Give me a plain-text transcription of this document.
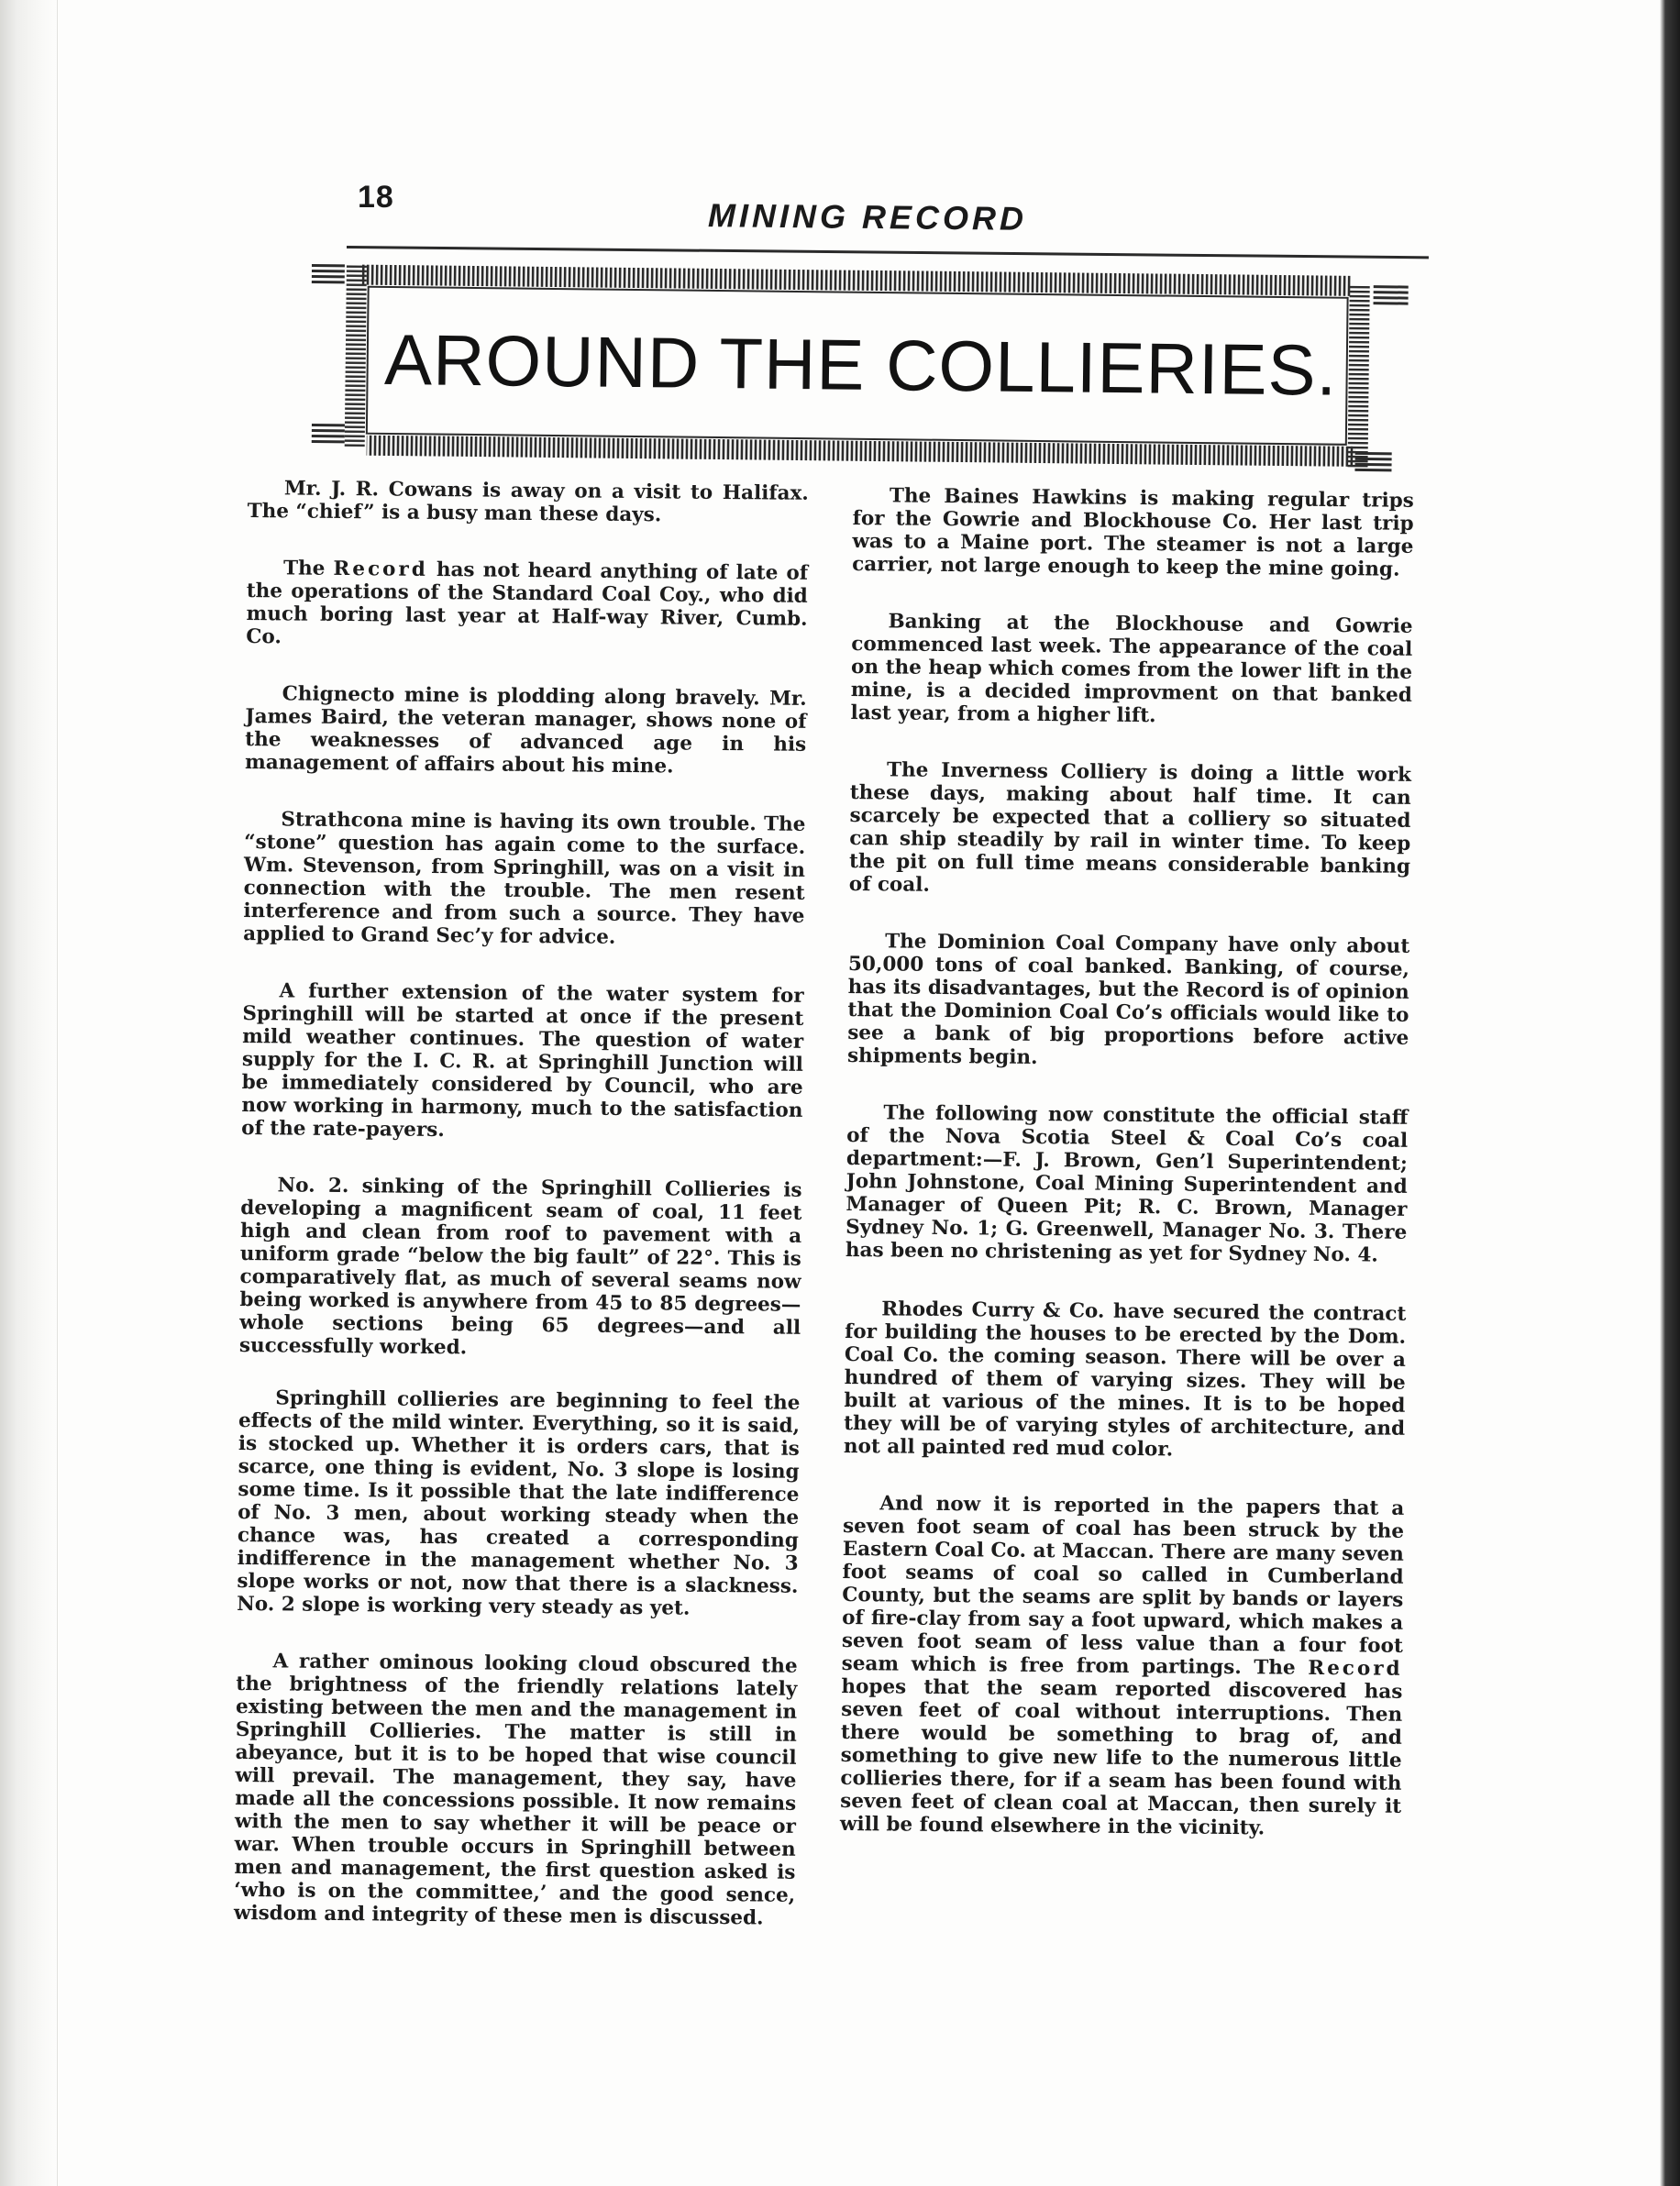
18	MINING RECORD
AROUND THE COLLIERIES.

Mr. J. R. Cowans is away on a visit to Halifax. The “chief” is a busy man these days.

The Record has not heard anything of late of the operations of the Standard Coal Coy., who did much boring last year at Half-way River, Cumb. Co.

Chignecto mine is plodding along bravely. Mr. James Baird, the veteran manager, shows none of the weaknesses of advanced age in his management of affairs about his mine.

Strathcona mine is having its own trouble. The “stone” question has again come to the surface. Wm. Stevenson, from Springhill, was on a visit in connection with the trouble. The men resent interference and from such a source. They have applied to Grand Sec’y for advice.

A further extension of the water system for Springhill will be started at once if the present mild weather continues. The question of water supply for the I. C. R. at Springhill Junction will be immediately considered by Council, who are now working in harmony, much to the satisfaction of the rate-payers.

No. 2. sinking of the Springhill Collieries is developing a magnificent seam of coal, 11 feet high and clean from roof to pavement with a uniform grade “below the big fault” of 22°. This is comparatively flat, as much of several seams now being worked is anywhere from 45 to 85 degrees—whole sections being 65 degrees—and all successfully worked.

Springhill collieries are beginning to feel the effects of the mild winter. Everything, so it is said, is stocked up. Whether it is orders cars, that is scarce, one thing is evident, No. 3 slope is losing some time. Is it possible that the late indifference of No. 3 men, about working steady when the chance was, has created a corresponding indifference in the management whether No. 3 slope works or not, now that there is a slackness. No. 2 slope is working very steady as yet.

A rather ominous looking cloud obscured the the brightness of the friendly relations lately existing between the men and the management in Springhill Collieries. The matter is still in abeyance, but it is to be hoped that wise council will prevail. The management, they say, have made all the concessions possible. It now remains with the men to say whether it will be peace or war. When trouble occurs in Springhill between men and management, the first question asked is ‘who is on the committee,’ and the good sence, wisdom and integrity of these men is discussed.

The Baines Hawkins is making regular trips for the Gowrie and Blockhouse Co. Her last trip was to a Maine port. The steamer is not a large carrier, not large enough to keep the mine going.

Banking at the Blockhouse and Gowrie commenced last week. The appearance of the coal on the heap which comes from the lower lift in the mine, is a decided improvment on that banked last year, from a higher lift.

The Inverness Colliery is doing a little work these days, making about half time. It can scarcely be expected that a colliery so situated can ship steadily by rail in winter time. To keep the pit on full time means considerable banking of coal.

The Dominion Coal Company have only about 50,000 tons of coal banked. Banking, of course, has its disadvantages, but the Record is of opinion that the Dominion Coal Co’s officials would like to see a bank of big proportions before active shipments begin.

The following now constitute the official staff of the Nova Scotia Steel & Coal Co’s coal department:—F. J. Brown, Gen’l Superintendent; John Johnstone, Coal Mining Superintendent and Manager of Queen Pit; R. C. Brown, Manager Sydney No. 1; G. Greenwell, Manager No. 3. There has been no christening as yet for Sydney No. 4.

Rhodes Curry & Co. have secured the contract for building the houses to be erected by the Dom. Coal Co. the coming season. There will be over a hundred of them of varying sizes. They will be built at various of the mines. It is to be hoped they will be of varying styles of architecture, and not all painted red mud color.

And now it is reported in the papers that a seven foot seam of coal has been struck by the Eastern Coal Co. at Maccan. There are many seven foot seams of coal so called in Cumberland County, but the seams are split by bands or layers of fire-clay from say a foot upward, which makes a seven foot seam of less value than a four foot seam which is free from partings. The Record hopes that the seam reported discovered has seven feet of coal without interruptions. Then there would be something to brag of, and something to give new life to the numerous little collieries there, for if a seam has been found with seven feet of clean coal at Maccan, then surely it will be found elsewhere in the vicinity.
